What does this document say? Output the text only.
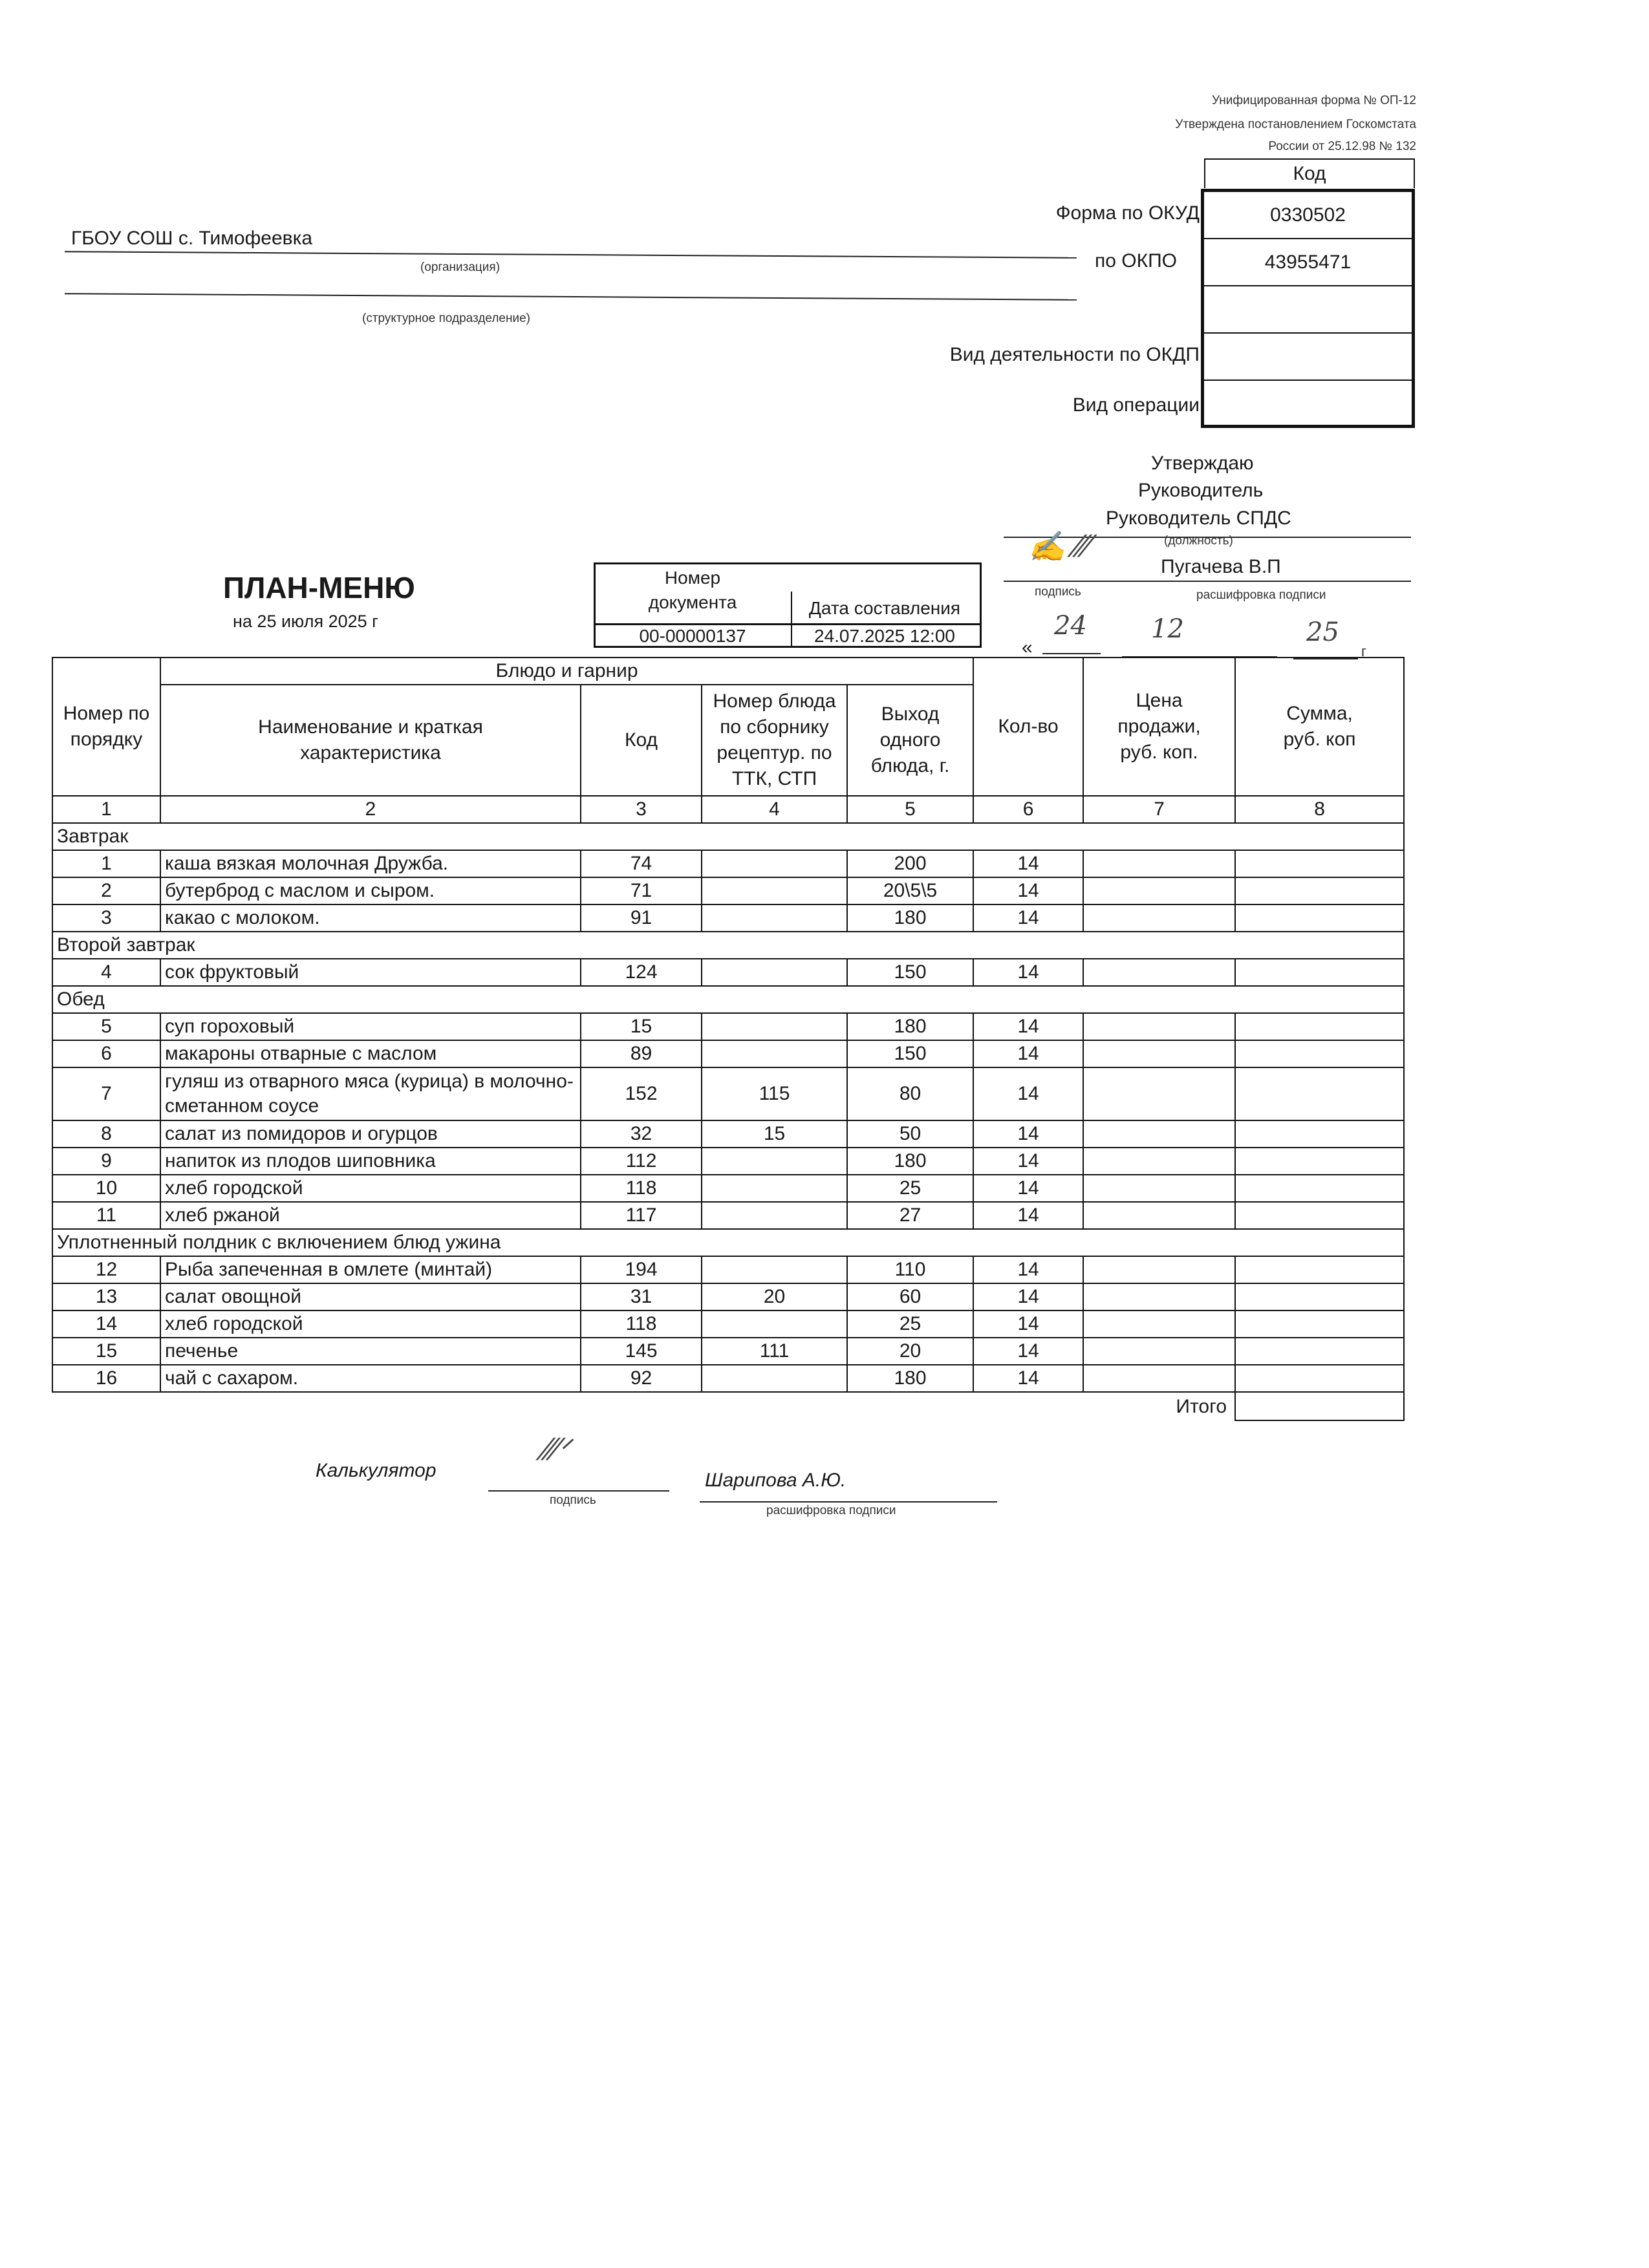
Унифицированная форма № ОП-12
Утверждена постановлением Госкомстата
России от 25.12.98 № 132
Код
0330502
43955471
Форма по ОКУД
по ОКПО
Вид деятельности по ОКДП
Вид операции
ГБОУ СОШ с. Тимофеевка
(организация)
(структурное подразделение)
Утверждаю
Руководитель
Руководитель СПДС
(должность)
✍ ⁄⁄⁄
Пугачева В.П
подпись	расшифровка подписи
«
24 12	25
г
ПЛАН-МЕНЮ
на 25 июля 2025 г
Номер документа	Дата составления
00-00000137	24.07.2025 12:00
Номер по порядку	Блюдо и гарнир				Кол-во	Цена продажи, руб. коп.	Сумма, руб. коп
	Наименование и краткая характеристика	Код	Номер блюда по сборнику рецептур. по ТТК, СТП	Выход одного блюда, г.			
1	2	3	4	5	6	7	8
Завтрак							
1	каша вязкая молочная Дружба.	74		200	14		
2	бутерброд с маслом и сыром.	71		20\5\5	14		
3	какао с молоком.	91		180	14		
Второй завтрак							
4	сок фруктовый	124		150	14		
Обед							
5	суп гороховый	15		180	14		
6	макароны отварные с маслом	89		150	14		
7	гуляш из отварного мяса (курица) в молочно-сметанном соусе	152	115	80	14		
8	салат из помидоров и огурцов	32	15	50	14		
9	напиток из плодов шиповника	112		180	14		
10	хлеб городской	118		25	14		
11	хлеб ржаной	117		27	14		
Уплотненный полдник с включением блюд ужина							
12	Рыба запеченная в омлете (минтай)	194		110	14		
13	салат овощной	31	20	60	14		
14	хлеб городской	118		25	14		
15	печенье	145	111	20	14		
16	чай с сахаром.	92		180	14		
Итого							
Калькулятор
⁄⁄⁄ᐟ
подпись
Шарипова А.Ю.
расшифровка подписи
